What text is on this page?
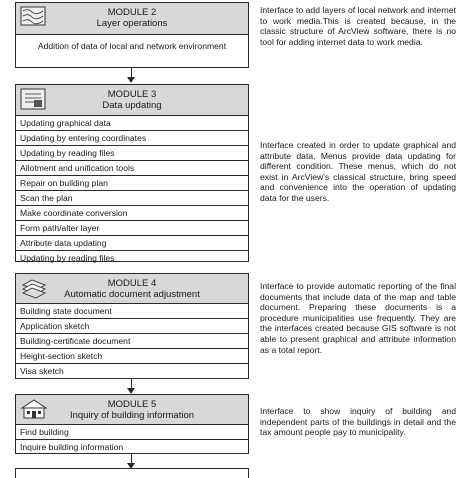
MODULE 2
Layer operations
Addition of data of local and network environment
Interface to add layers of local network and internet to work media.This is created because, in the classic structure of ArcView software, there is no tool for adding internet data to work media.
MODULE 3
Data updating
Updating graphical data
Updating by entering coordinates
Updating by reading files
Allotment and unification tools
Repair on building plan
Scan the plan
Make coordinate conversion
Form path/alter layer
Attribute data updating
Updating by reading files
Interface created in order to update graphical and attribute data. Menus provide data updating for different condition. These menus, which do not exist in ArcView's classical structure, bring speed and convenience into the operation of updating data for the users.
MODULE 4
Automatic document adjustment
Building state document
Application sketch
Building-certificate document
Height-section sketch
Visa sketch
Interface to provide automatic reporting of the final documents that include data of the map and table document. Preparing these documents is a procedure municipalities use frequently. They are the interfaces created because GIS software is not able to present graphical and attribute information as a total report.
MODULE 5
Inquiry of building information
Find building
Inquire building information
Interface to show inquiry of building and independent parts of the buildings in detail and the tax amount people pay to municipality.
